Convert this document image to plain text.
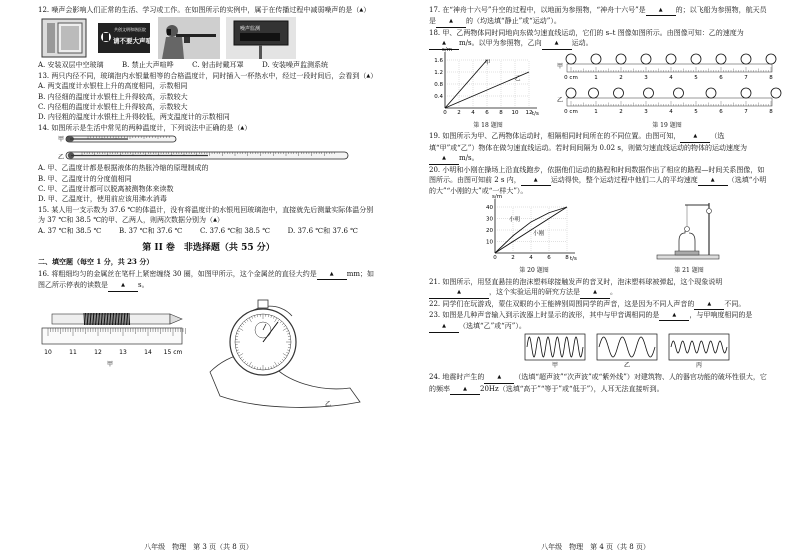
12. 噪声会影响人们正常的生活、学习或工作。在如图所示的实例中，属于在传播过程中减弱噪声的是（▲）

共创文明和谐医院
请不要大声喧哗
噪声监测
A. 安装双层中空玻璃	B. 禁止大声喧哗	C. 射击时戴耳罩	D. 安装噪声监测系统

13. 两只内径不同，玻璃泡内水银量相等的合格温度计，同时插入一杯热水中，经过一段时间后，会看到（▲）

A. 两支温度计水银柱上升的高度相同，示数相同

B. 内径细的温度计水银柱上升得较高，示数较大

C. 内径粗的温度计水银柱上升得较高，示数较大

D. 内径粗的温度计水银柱上升得较低，两支温度计的示数相同

14. 如图所示是生活中常见的两种温度计，下列说法中正确的是（▲）

甲
乙

A. 甲、乙温度计都是根据液体的热胀冷缩的原理制成的

B. 甲、乙温度计的分度值相同

C. 甲、乙温度计都可以脱离被测物体来读数

D. 甲、乙温度计，使用前应该用沸水消毒

15. 某人用一支示数为 37.6 ℃的体温计，没有将温度计的水银甩回玻璃泡中，直接就先后测量实际体温分别为 37 ℃和 38.5 ℃的甲、乙两人，则两次数据分别为（▲）

A. 37 ℃和 38.5 ℃	B. 37 ℃和 37.6 ℃	C. 37.6 ℃和 38.5 ℃	D. 37.6 ℃和 37.6 ℃
第 II 卷　非选择题（共 55 分）
二、填空题（每空 1 分，共 23 分）

16. 将粗细均匀的金属丝在笔杆上紧密缠绕 30 圈，如图甲所示，这个金属丝的直径大约是	▲ mm；如图乙所示停表的读数是	▲ s。

10	11	12	13	14 15 cm
甲
乙
八年级　物理　第 3 页（共 8 页）

17. 在“神舟十六号”升空的过程中，以地面为参照物，“神舟十六号”是	▲ 的；以飞船为参照物，航天员是	▲ 的（均选填“静止”或“运动”）。

18. 甲、乙两物体同时同地向东做匀速直线运动，它们的 s–t 图像如图所示。由图像可知：乙的速度为▲ m/s。以甲为参照物，乙向	▲ 运动。

s/m
t/s
0 2 4 6 8 10 12
0.4
0.8
1.2
1.6	甲
乙
第 18 题图
甲
0 cm	1	2	3	4	5	6	7	8
乙
0 cm	1	2	3	4	5	6	7	8
第 19 题图

19. 如图所示为甲、乙两物体运动时，相隔相同时间所在的不同位置。由图可知，	▲ （选填“甲”或“乙”）物体在做匀速直线运动。若时间间隔为 0.02 s，则做匀速直线运动的物体的运动速度为▲ m/s。

20. 小明和小刚在操场上沿直线跑步，依据他们运动的路程和时间数据作出了相应的路程—时间关系图像，如图所示。由图可知前 2 s 内，	▲ 运动得快，整个运动过程中他们二人的平均速度	▲ （选填“小明的大”“小刚的大”或“一样大”）。

s/m
t/s
0	2	4	6	8
10
20
30
40
小明
小刚
第 20 题图	第 21 题图

21. 如图所示，用竖直悬挂的泡沫塑料球接触发声的音叉时，泡沫塑料球被弹起，这个现象说明▲	，这个实验运用的研究方法是	▲ 。

22. 同学们在玩游戏，蒙住双眼的小王能辨别周围同学的声音，这是因为不同人声音的	▲ 不同。

23. 如图是几种声音输入到示波器上时显示的波形，其中与甲音调相同的是	▲ ，与甲响度相同的是▲ （选填“乙”或“丙”）。

甲	乙	丙

24. 地震时产生的	▲ （选填“超声波”“次声波”或“紫外线”）对建筑物、人的器官功能的破坏性很大，它的频率	▲ 20Hz（选填“高于”“等于”或“低于”），人耳无法直接听到。

八年级　物理　第 4 页（共 8 页）
